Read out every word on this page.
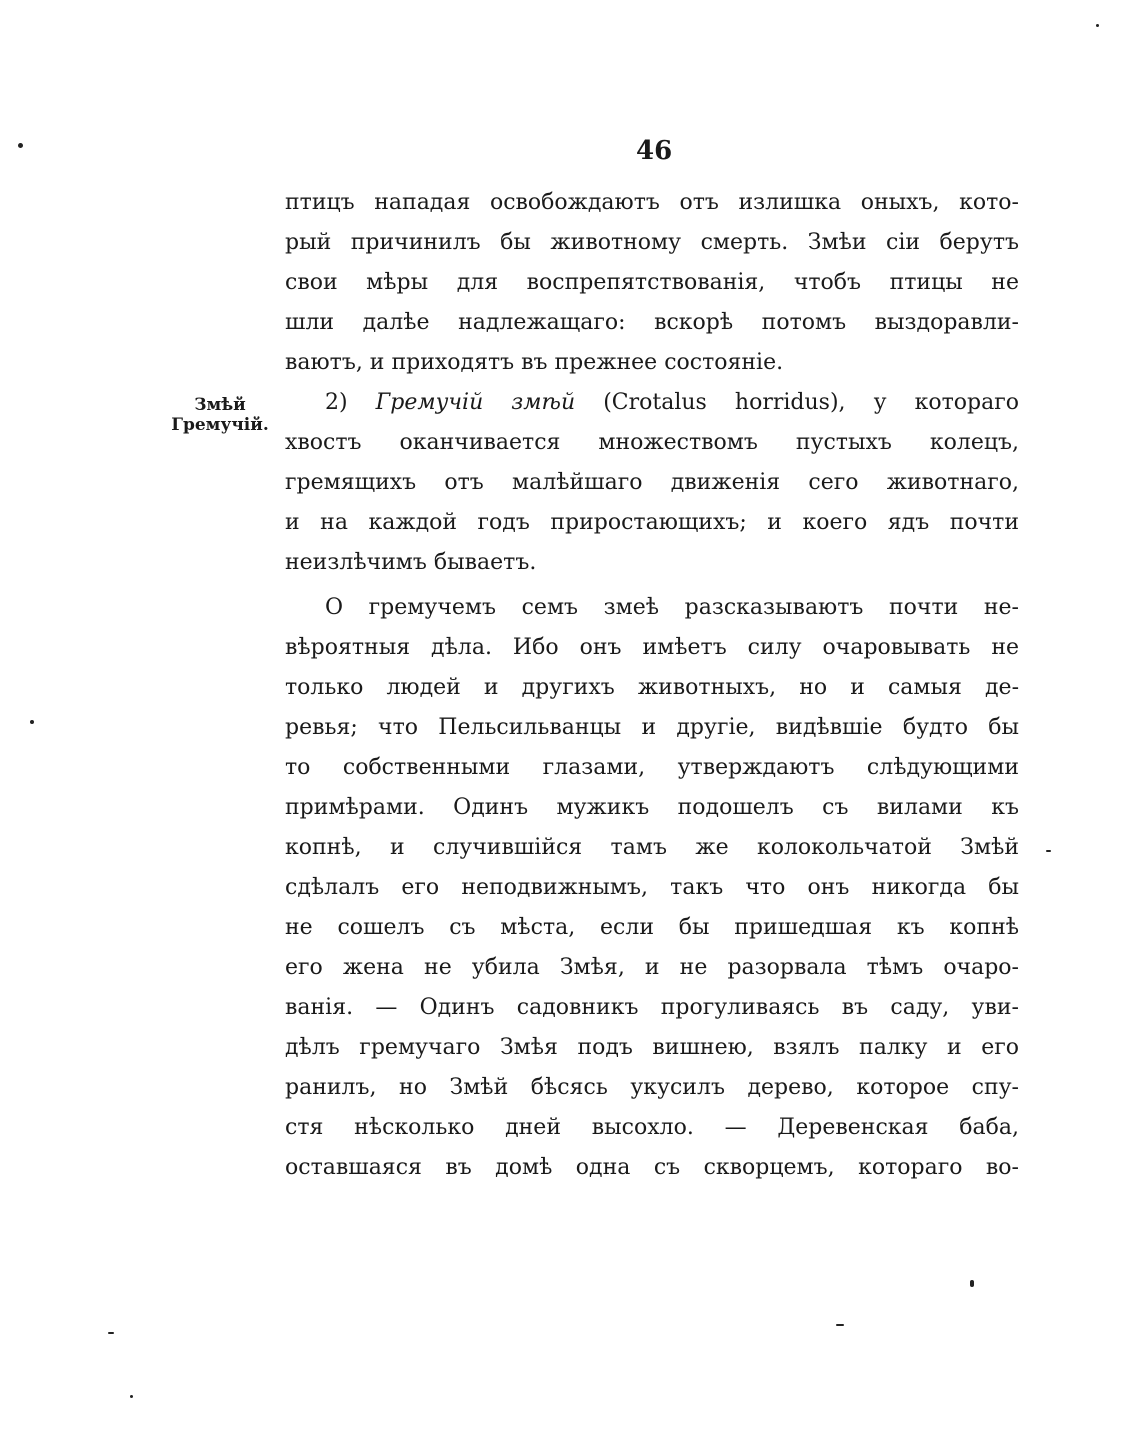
46
Змѣй
Гремучій.
птицъ нападая освобождаютъ отъ излишка оныхъ, кото-
рый причинилъ бы животному смерть. Змѣи сіи берутъ
свои мѣры для воспрепятствованія, чтобъ птицы не
шли далѣе надлежащаго: вскорѣ потомъ выздоравли-
ваютъ, и приходятъ въ прежнее состояніе.
2) Гремучій змѣй (Crotalus horridus), у котораго
хвостъ оканчивается множествомъ пустыхъ колецъ,
гремящихъ отъ малѣйшаго движенія сего животнаго,
и на каждой годъ приростающихъ; и коего ядъ почти
неизлѣчимъ бываетъ.
О гремучемъ семъ змеѣ разсказываютъ почти не-
вѣроятныя дѣла. Ибо онъ имѣетъ силу очаровывать не
только людей и другихъ животныхъ, но и самыя де-
ревья; что Пельсильванцы и другіе, видѣвшіе будто бы
то собственными глазами, утверждаютъ слѣдующими
примѣрами. Одинъ мужикъ подошелъ съ вилами къ
копнѣ, и случившійся тамъ же колокольчатой Змѣй
сдѣлалъ его неподвижнымъ, такъ что онъ никогда бы
не сошелъ съ мѣста, если бы пришедшая къ копнѣ
его жена не убила Змѣя, и не разорвала тѣмъ очаро-
ванія. — Одинъ садовникъ прогуливаясь въ саду, уви-
дѣлъ гремучаго Змѣя подъ вишнею, взялъ палку и его
ранилъ, но Змѣй бѣсясь укусилъ дерево, которое спу-
стя нѣсколько дней высохло. — Деревенская баба,
оставшаяся въ домѣ одна съ скворцемъ, котораго во-
